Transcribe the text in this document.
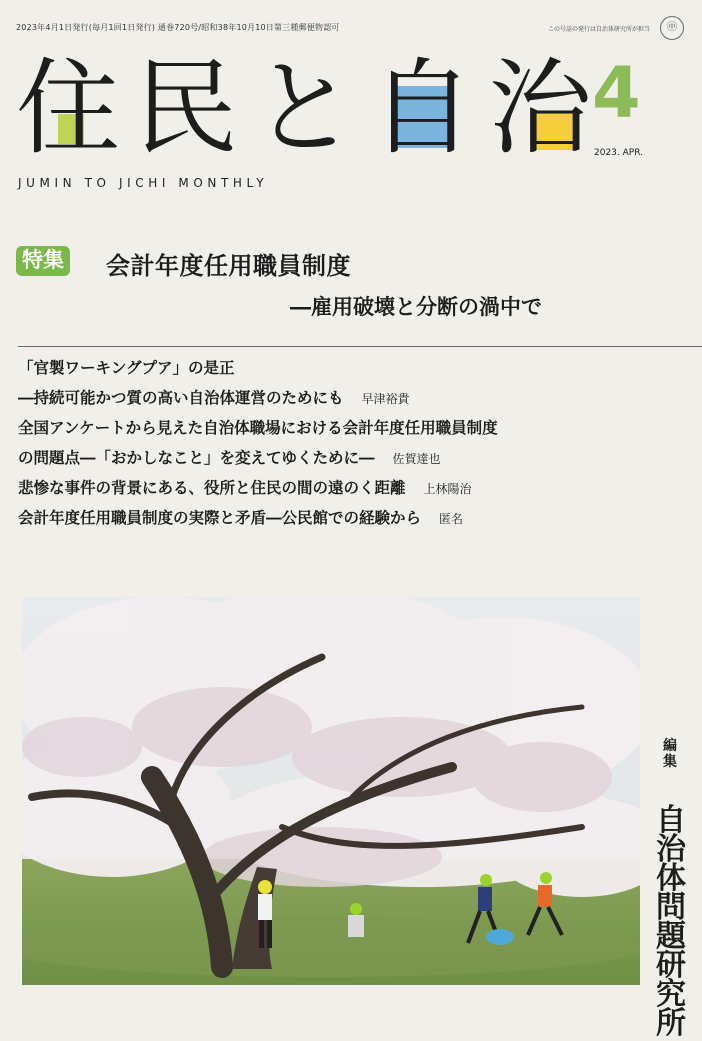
2023年4月1日発行(毎月1回1日発行) 通巻720号/昭和38年10月10日第三種郵便物認可	この号誌の発行は自治体研究所が担当	㊥
住 民 と 自 治 4
2023. APR.
JUMIN TO JICHI MONTHLY
特集 会計年度任用職員制度
―雇用破壊と分断の渦中で
「官製ワーキングプア」の是正
―持続可能かつ質の高い自治体運営のためにも 早津裕貴
全国アンケートから見えた自治体職場における会計年度任用職員制度
の問題点―「おかしなこと」を変えてゆくために― 佐賀達也
悲惨な事件の背景にある、役所と住民の間の遠のく距離 上林陽治
会計年度任用職員制度の実際と矛盾―公民館での経験から 匿名
編集
自治体問題研究所
